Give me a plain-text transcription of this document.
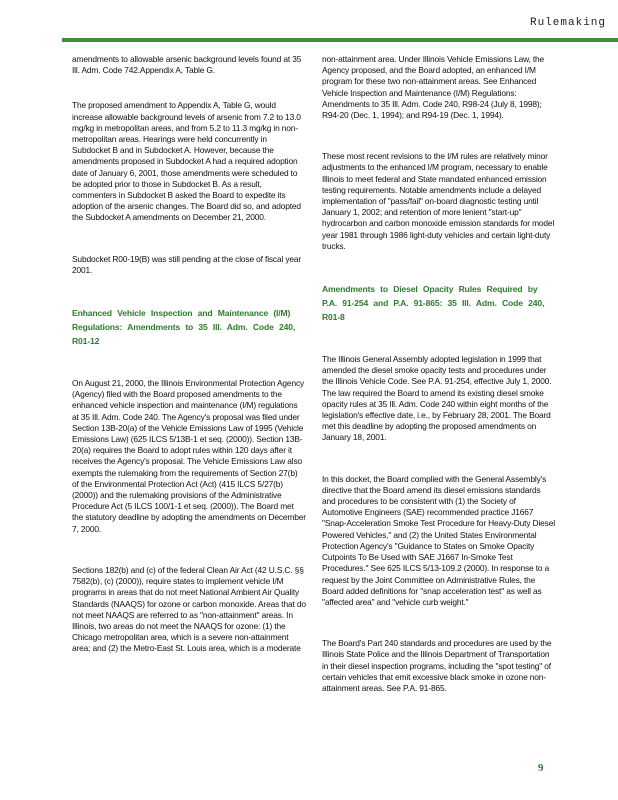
Rulemaking

amendments to allowable arsenic background levels found at 35 Ill. Adm. Code 742.Appendix A, Table G.

The proposed amendment to Appendix A, Table G, would increase allowable background levels of arsenic from 7.2 to 13.0 mg/kg in metropolitan areas, and from 5.2 to 11.3 mg/kg in non-metropolitan areas. Hearings were held concurrently in Subdocket B and in Subdocket A. However, because the amendments proposed in Subdocket A had a required adoption date of January 6, 2001, those amendments were scheduled to be adopted prior to those in Subdocket B. As a result, commenters in Subdocket B asked the Board to expedite its adoption of the arsenic changes. The Board did so, and adopted the Subdocket A amendments on December 21, 2000.

Subdocket R00-19(B) was still pending at the close of fiscal year 2001.

Enhanced Vehicle Inspection and Maintenance (I/M) Regulations: Amendments to 35 Ill. Adm. Code 240, R01-12

On August 21, 2000, the Illinois Environmental Protection Agency (Agency) filed with the Board proposed amendments to the enhanced vehicle inspection and maintenance (I/M) regulations at 35 Ill. Adm. Code 240. The Agency's proposal was filed under Section 13B-20(a) of the Vehicle Emissions Law of 1995 (Vehicle Emissions Law) (625 ILCS 5/13B-1 et seq. (2000)). Section 13B-20(a) requires the Board to adopt rules within 120 days after it receives the Agency's proposal. The Vehicle Emissions Law also exempts the rulemaking from the requirements of Section 27(b) of the Environmental Protection Act (Act) (415 ILCS 5/27(b)(2000)) and the rulemaking provisions of the Administrative Procedure Act (5 ILCS 100/1-1 et seq. (2000)). The Board met the statutory deadline by adopting the amendments on December 7, 2000.

Sections 182(b) and (c) of the federal Clean Air Act (42 U.S.C. §§ 7582(b), (c) (2000)), require states to implement vehicle I/M programs in areas that do not meet National Ambient Air Quality Standards (NAAQS) for ozone or carbon monoxide. Areas that do not meet NAAQS are referred to as "non-attainment" areas. In Illinois, two areas do not meet the NAAQS for ozone: (1) the Chicago metropolitan area, which is a severe non-attainment area; and (2) the Metro-East St. Louis area, which is a moderate

non-attainment area. Under Illinois Vehicle Emissions Law, the Agency proposed, and the Board adopted, an enhanced I/M program for these two non-attainment areas. See Enhanced Vehicle Inspection and Maintenance (I/M) Regulations: Amendments to 35 Ill. Adm. Code 240, R98-24 (July 8, 1998); R94-20 (Dec. 1, 1994); and R94-19 (Dec. 1, 1994).

These most recent revisions to the I/M rules are relatively minor adjustments to the enhanced I/M program, necessary to enable Illinois to meet federal and State mandated enhanced emission testing requirements. Notable amendments include a delayed implementation of "pass/fail" on-board diagnostic testing until January 1, 2002; and retention of more lenient "start-up" hydrocarbon and carbon monoxide emission standards for model year 1981 through 1986 light-duty vehicles and certain light-duty trucks.

Amendments to Diesel Opacity Rules Required by P.A. 91-254 and P.A. 91-865: 35 Ill. Adm. Code 240, R01-8

The Illinois General Assembly adopted legislation in 1999 that amended the diesel smoke opacity tests and procedures under the Illinois Vehicle Code. See P.A. 91-254, effective July 1, 2000. The law required the Board to amend its existing diesel smoke opacity rules at 35 Ill. Adm. Code 240 within eight months of the legislation's effective date, i.e., by February 28, 2001. The Board met this deadline by adopting the proposed amendments on January 18, 2001.

In this docket, the Board complied with the General Assembly's directive that the Board amend its diesel emissions standards and procedures to be consistent with (1) the Society of Automotive Engineers (SAE) recommended practice J1667 "Snap-Acceleration Smoke Test Procedure for Heavy-Duty Diesel Powered Vehicles," and (2) the United States Environmental Protection Agency's "Guidance to States on Smoke Opacity Cutpoints To Be Used with SAE J1667 In-Smoke Test Procedures." See 625 ILCS 5/13-109.2 (2000). In response to a request by the Joint Committee on Administrative Rules, the Board added definitions for "snap acceleration test" as well as "affected area" and "vehicle curb weight."

The Board's Part 240 standards and procedures are used by the Illinois State Police and the Illinois Department of Transportation in their diesel inspection programs, including the "spot testing" of certain vehicles that emit excessive black smoke in ozone non-attainment areas. See P.A. 91-865.

9
